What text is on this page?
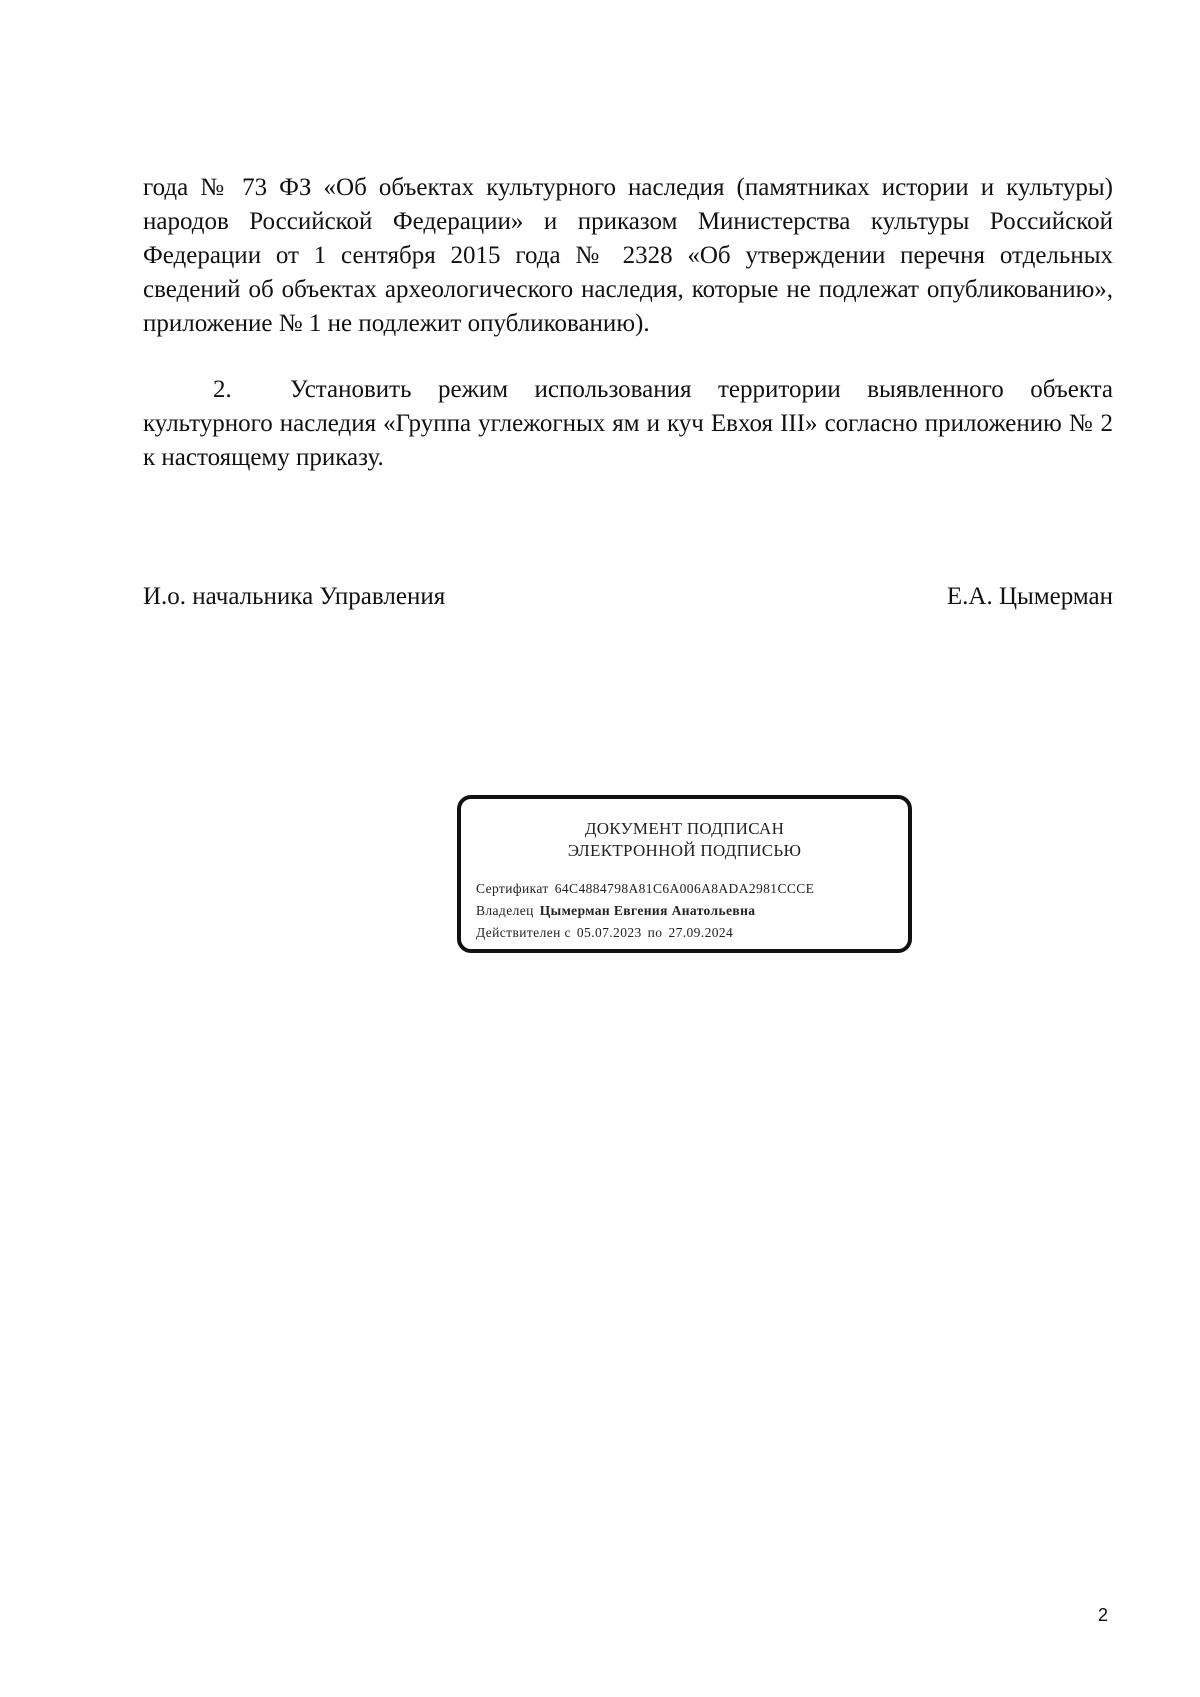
года № 73 ФЗ «Об объектах культурного наследия (памятниках истории и культуры) народов Российской Федерации» и приказом Министерства культуры Российской Федерации от 1 сентября 2015 года № 2328 «Об утверждении перечня отдельных сведений об объектах археологического наследия, которые не подлежат опубликованию», приложение № 1 не подлежит опубликованию).

2. Установить режим использования территории выявленного объекта культурного наследия «Группа углежогных ям и куч Евхоя III» согласно приложению № 2 к настоящему приказу.

И.о. начальника Управления	Е.А. Цымерман
ДОКУМЕНТ ПОДПИСАН
ЭЛЕКТРОННОЙ ПОДПИСЬЮ
Сертификат 64C4884798A81C6A006A8ADA2981CCCE
Владелец Цымерман Евгения Анатольевна
Действителен с 05.07.2023 по 27.09.2024
2
